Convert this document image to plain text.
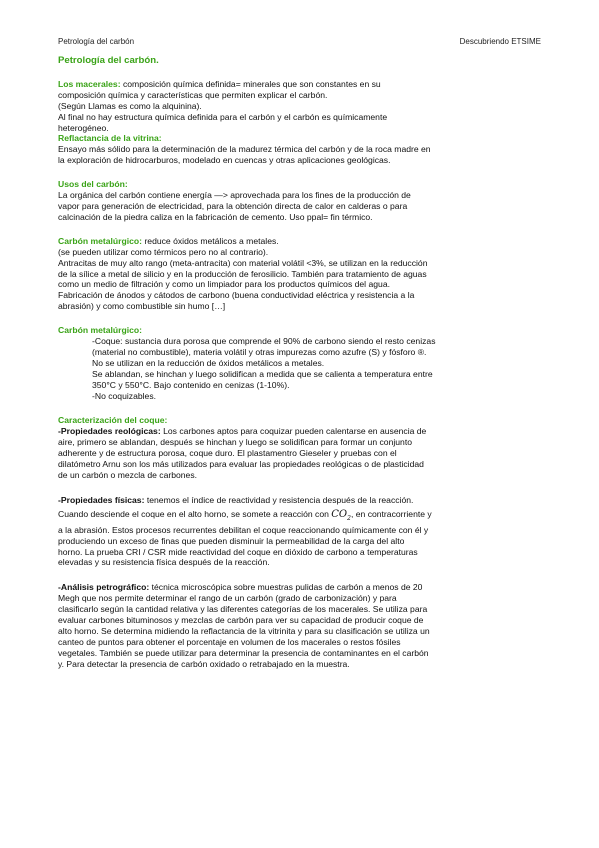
Petrología del carbón	Descubriendo ETSIME
Petrología del carbón.
Los macerales: composición química definida= minerales que son constantes en su
composición química y características que permiten explicar el carbón.
(Según Llamas es como la alquinina).
Al final no hay estructura química definida para el carbón y el carbón es químicamente
heterogéneo.
Reflactancia de la vitrina:
Ensayo más sólido para la determinación de la madurez térmica del carbón y de la roca madre en
la exploración de hidrocarburos, modelado en cuencas y otras aplicaciones geológicas.
Usos del carbón:
La orgánica del carbón contiene energía —> aprovechada para los fines de la producción de
vapor para generación de electricidad, para la obtención directa de calor en calderas o para
calcinación de la piedra caliza en la fabricación de cemento. Uso ppal= fin térmico.
Carbón metalúrgico: reduce óxidos metálicos a metales.
(se pueden utilizar como térmicos pero no al contrario).
Antracitas de muy alto rango (meta-antracita) con material volátil <3%, se utilizan en la reducción
de la sílice a metal de silicio y en la producción de ferosilicio. También para tratamiento de aguas
como un medio de filtración y como un limpiador para los productos químicos del agua.
Fabricación de ánodos y cátodos de carbono (buena conductividad eléctrica y resistencia a la
abrasión) y como combustible sin humo […]
Carbón metalúrgico:
-Coque: sustancia dura porosa que comprende el 90% de carbono siendo el resto cenizas
(material no combustible), materia volátil y otras impurezas como azufre (S) y fósforo ®.
No se utilizan en la reducción de óxidos metálicos a metales.
Se ablandan, se hinchan y luego solidifican a medida que se calienta a temperatura entre
350°C y 550°C. Bajo contenido en cenizas (1-10%).
-No coquizables.
Caracterización del coque:
-Propiedades reológicas: Los carbones aptos para coquizar pueden calentarse en ausencia de
aire, primero se ablandan, después se hinchan y luego se solidifican para formar un conjunto
adherente y de estructura porosa, coque duro. El plastamentro Gieseler y pruebas con el
dilatómetro Arnu son los más utilizados para evaluar las propiedades reológicas o de plasticidad
de un carbón o mezcla de carbones.
-Propiedades físicas: tenemos el índice de reactividad y resistencia después de la reacción.
Cuando desciende el coque en el alto horno, se somete a reacción con $CO_2$, en contracorriente y
a la abrasión. Estos procesos recurrentes debilitan el coque reaccionando químicamente con él y
produciendo un exceso de finas que pueden disminuir la permeabilidad de la carga del alto
horno. La prueba CRI / CSR mide reactividad del coque en dióxido de carbono a temperaturas
elevadas y su resistencia física después de la reacción.
-Análisis petrográfico: técnica microscópica sobre muestras pulidas de carbón a menos de 20
Megh que nos permite determinar el rango de un carbón (grado de carbonización) y para
clasificarlo según la cantidad relativa y las diferentes categorías de los macerales. Se utiliza para
evaluar carbones bituminosos y mezclas de carbón para ver su capacidad de producir coque de
alto horno. Se determina midiendo la reflactancia de la vitrinita y para su clasificación se utiliza un
canteo de puntos para obtener el porcentaje en volumen de los macerales o restos fósiles
vegetales. También se puede utilizar para determinar la presencia de contaminantes en el carbón
y. Para detectar la presencia de carbón oxidado o retrabajado en la muestra.
